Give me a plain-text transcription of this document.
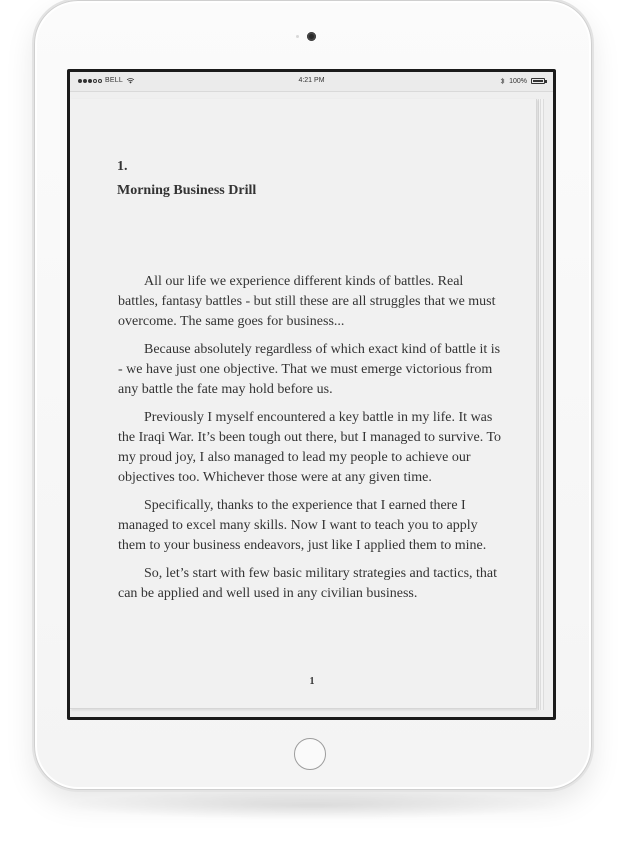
BELL	4:21 PM	100%
1.
Morning Business Drill

All our life we experience different kinds of battles. Real battles, fantasy battles - but still these are all struggles that we must overcome. The same goes for business...

Because absolutely regardless of which exact kind of battle it is - we have just one objective. That we must emerge victorious from any battle the fate may hold before us.

Previously I myself encountered a key battle in my life. It was the Iraqi War. It’s been tough out there, but I managed to survive. To my proud joy, I also managed to lead my people to achieve our objectives too. Whichever those were at any given time.

Specifically, thanks to the experience that I earned there I managed to excel many skills. Now I want to teach you to apply them to your business endeavors, just like I applied them to mine.

So, let’s start with few basic military strategies and tactics, that can be applied and well used in any civilian business.

1
